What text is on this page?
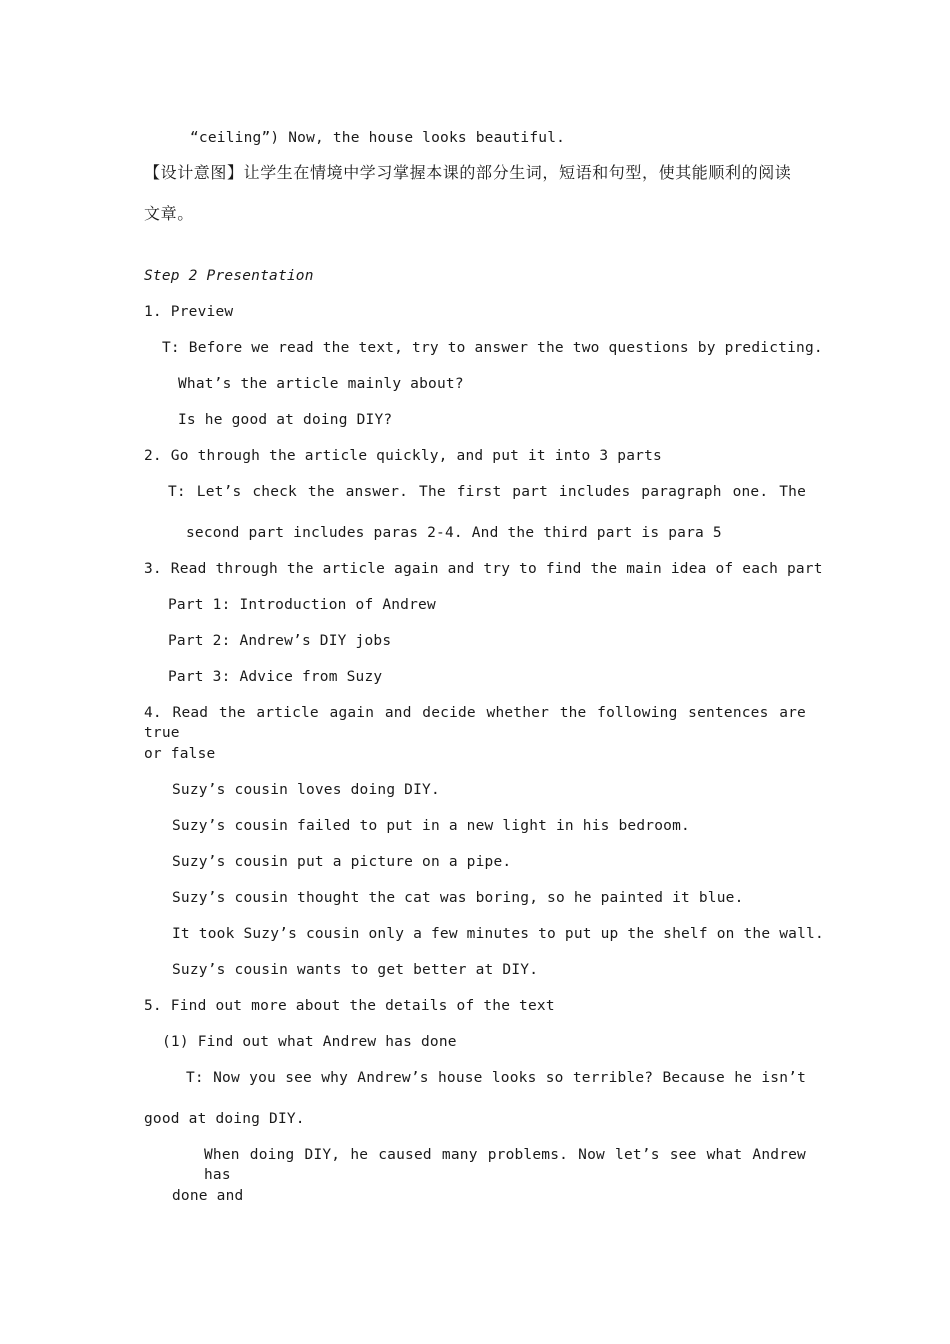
“ceiling”) Now, the house looks beautiful.
【设计意图】让学生在情境中学习掌握本课的部分生词，短语和句型，使其能顺利的阅读
文章。
Step 2 Presentation
1. Preview
T: Before we read the text, try to answer the two questions by predicting.
What’s the article mainly about?
Is he good at doing DIY?
2. Go through the article quickly, and put it into 3 parts
T: Let’s check the answer. The first part includes paragraph one. The
second part includes paras 2-4. And the third part is para 5
3. Read through the article again and try to find the main idea of each part
Part 1: Introduction of Andrew
Part 2: Andrew’s DIY jobs
Part 3: Advice from Suzy
4. Read the article again and decide whether the following sentences are true
or false
Suzy’s cousin loves doing DIY.
Suzy’s cousin failed to put in a new light in his bedroom.
Suzy’s cousin put a picture on a pipe.
Suzy’s cousin thought the cat was boring, so he painted it blue.
It took Suzy’s cousin only a few minutes to put up the shelf on the wall.
Suzy’s cousin wants to get better at DIY.
5. Find out more about the details of the text
(1) Find out what Andrew has done
T: Now you see why Andrew’s house looks so terrible? Because he isn’t
good at doing DIY.
When doing DIY, he caused many problems. Now let’s see what Andrew has
done and
